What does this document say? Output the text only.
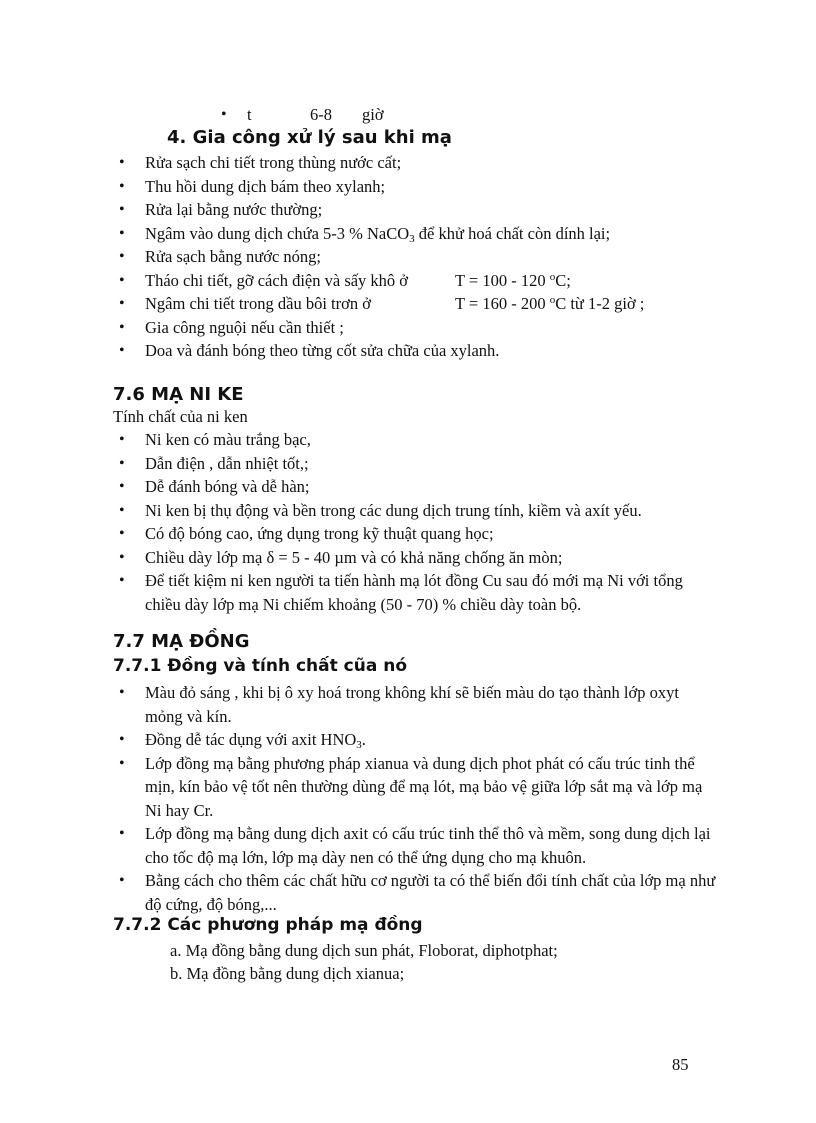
• t	6-8 giờ
4. Gia công xử lý sau khi mạ
• Rửa sạch chi tiết trong thùng nước cất;
• Thu hồi dung dịch bám theo xylanh;
• Rửa lại bằng nước thường;
• Ngâm vào dung dịch chứa 5-3 % NaCO$_3$ để khử hoá chất còn dính lại;
• Rửa sạch bằng nước nóng;
• Tháo chi tiết, gỡ cách điện và sấy khô ở	T = 100 - 120 $^o$C;
• Ngâm chi tiết trong dầu bôi trơn ở	T = 160 - 200 $^o$C từ 1-2 giờ ;
• Gia công nguội nếu cần thiết ;
• Doa và đánh bóng theo từng cốt sửa chữa của xylanh.
7.6 MẠ NI KE
Tính chất của ni ken
• Ni ken có màu trắng bạc,
• Dẫn điện , dẫn nhiệt tốt,;
• Dễ đánh bóng và dễ hàn;
• Ni ken bị thụ động và bền trong các dung dịch trung tính, kiềm và axít yếu.
• Có độ bóng cao, ứng dụng trong kỹ thuật quang học;
• Chiều dày lớp mạ δ = 5 - 40 µm và có khả năng chống ăn mòn;
• Để tiết kiệm ni ken người ta tiến hành mạ lót đồng Cu sau đó mới mạ Ni với tổng chiều dày lớp mạ Ni chiếm khoảng (50 - 70) % chiều dày toàn bộ.
7.7 MẠ ĐỒNG
7.7.1 Đồng và tính chất cũa nó
• Màu đỏ sáng , khi bị ô xy hoá trong không khí sẽ biến màu do tạo thành lớp oxyt mỏng và kín.
• Đồng dễ tác dụng với axit $HNO_3$.
• Lớp đồng mạ bằng phương pháp xianua và dung dịch phot phát có cấu trúc tinh thể mịn, kín bảo vệ tốt nên thường dùng để mạ lót, mạ bảo vệ giữa lớp sắt mạ và lớp mạ Ni hay Cr.
• Lớp đồng mạ bằng dung dịch axit có cấu trúc tinh thể thô và mềm, song dung dịch lại cho tốc độ mạ lớn, lớp mạ dày nen có thể ứng dụng cho mạ khuôn.
• Bằng cách cho thêm các chất hữu cơ người ta có thể biến đổi tính chất của lớp mạ như độ cứng, độ bóng,...
7.7.2 Các phương pháp mạ đồng
a. Mạ đồng bằng dung dịch sun phát, Floborat, diphotphat;
b. Mạ đồng bằng dung dịch xianua;
85
